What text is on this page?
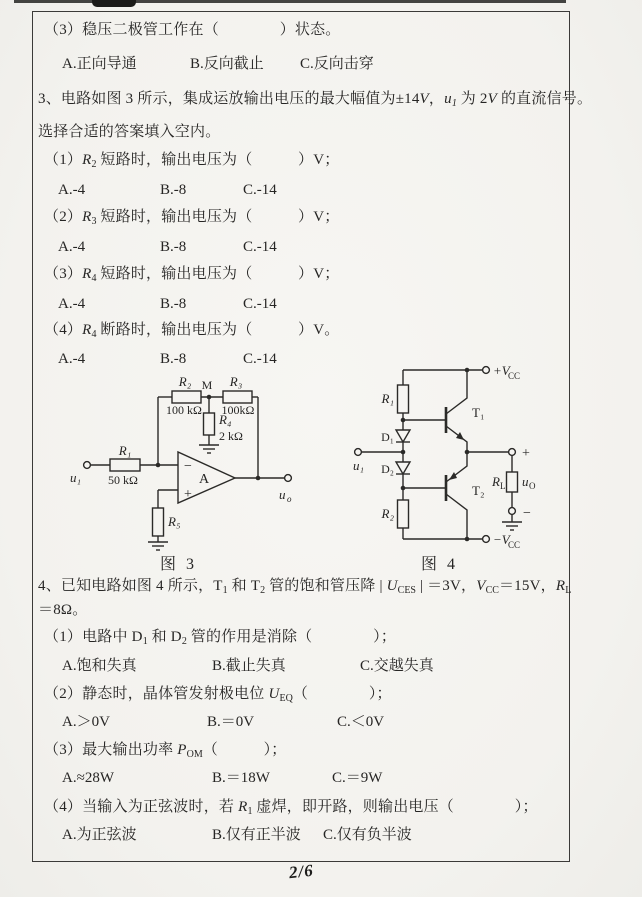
（3）稳压二极管工作在（　　　　）状态。
A.正向导通	B.反向截止 C.反向击穿
3、电路如图 3 所示，集成运放输出电压的最大幅值为±14V，$u_1$ 为 2V 的直流信号。
选择合适的答案填入空内。
$(1)R_2$ 短路时，输出电压为（　　　）V；
A.-4	B.-8	C.-14
$(2)R_3$ 短路时，输出电压为（　　　）V；
A.-4	B.-8	C.-14
$(3)R_4$ 短路时，输出电压为（　　　）V；
A.-4	B.-8	C.-14
$(4)R_4$ 断路时，输出电压为（　　　）V。
A.-4	B.-8	C.-14
u₁
R₁
50 kΩ
R₂
100 kΩ
M R₃
100kΩ
R₄
2 kΩ
−
+
A
R₅
u o
图 3
+V
CC
R₁
D₁
u₁ D₂
R₂
T₁
T₂
−V
CC
+
R L u O
−
图 4
4、已知电路如图 4 所示，$T_1$ 和 $T_2$ 管的饱和管压降 | $U_{CES}$ | ＝3V，$V_{CC}=15V$，$R_L$
＝8Ω。
（1）电路中 $D_1$ 和 $D_2$ 管的作用是消除（　　　　）；
A.饱和失真	B.截止失真	C.交越失真
（2）静态时，晶体管发射极电位 $U_{EQ}$（　　　　）；
A.＞0V	B.＝0V	C.＜0V
（3）最大输出功率 $P_{OM}$（　　　）；
A.≈28W	B.＝18W	C.＝9W
（4）当输入为正弦波时，若 $R_1$ 虚焊，即开路，则输出电压（　　　　）；
A.为正弦波	B.仅有正半波 C.仅有负半波
2/6
